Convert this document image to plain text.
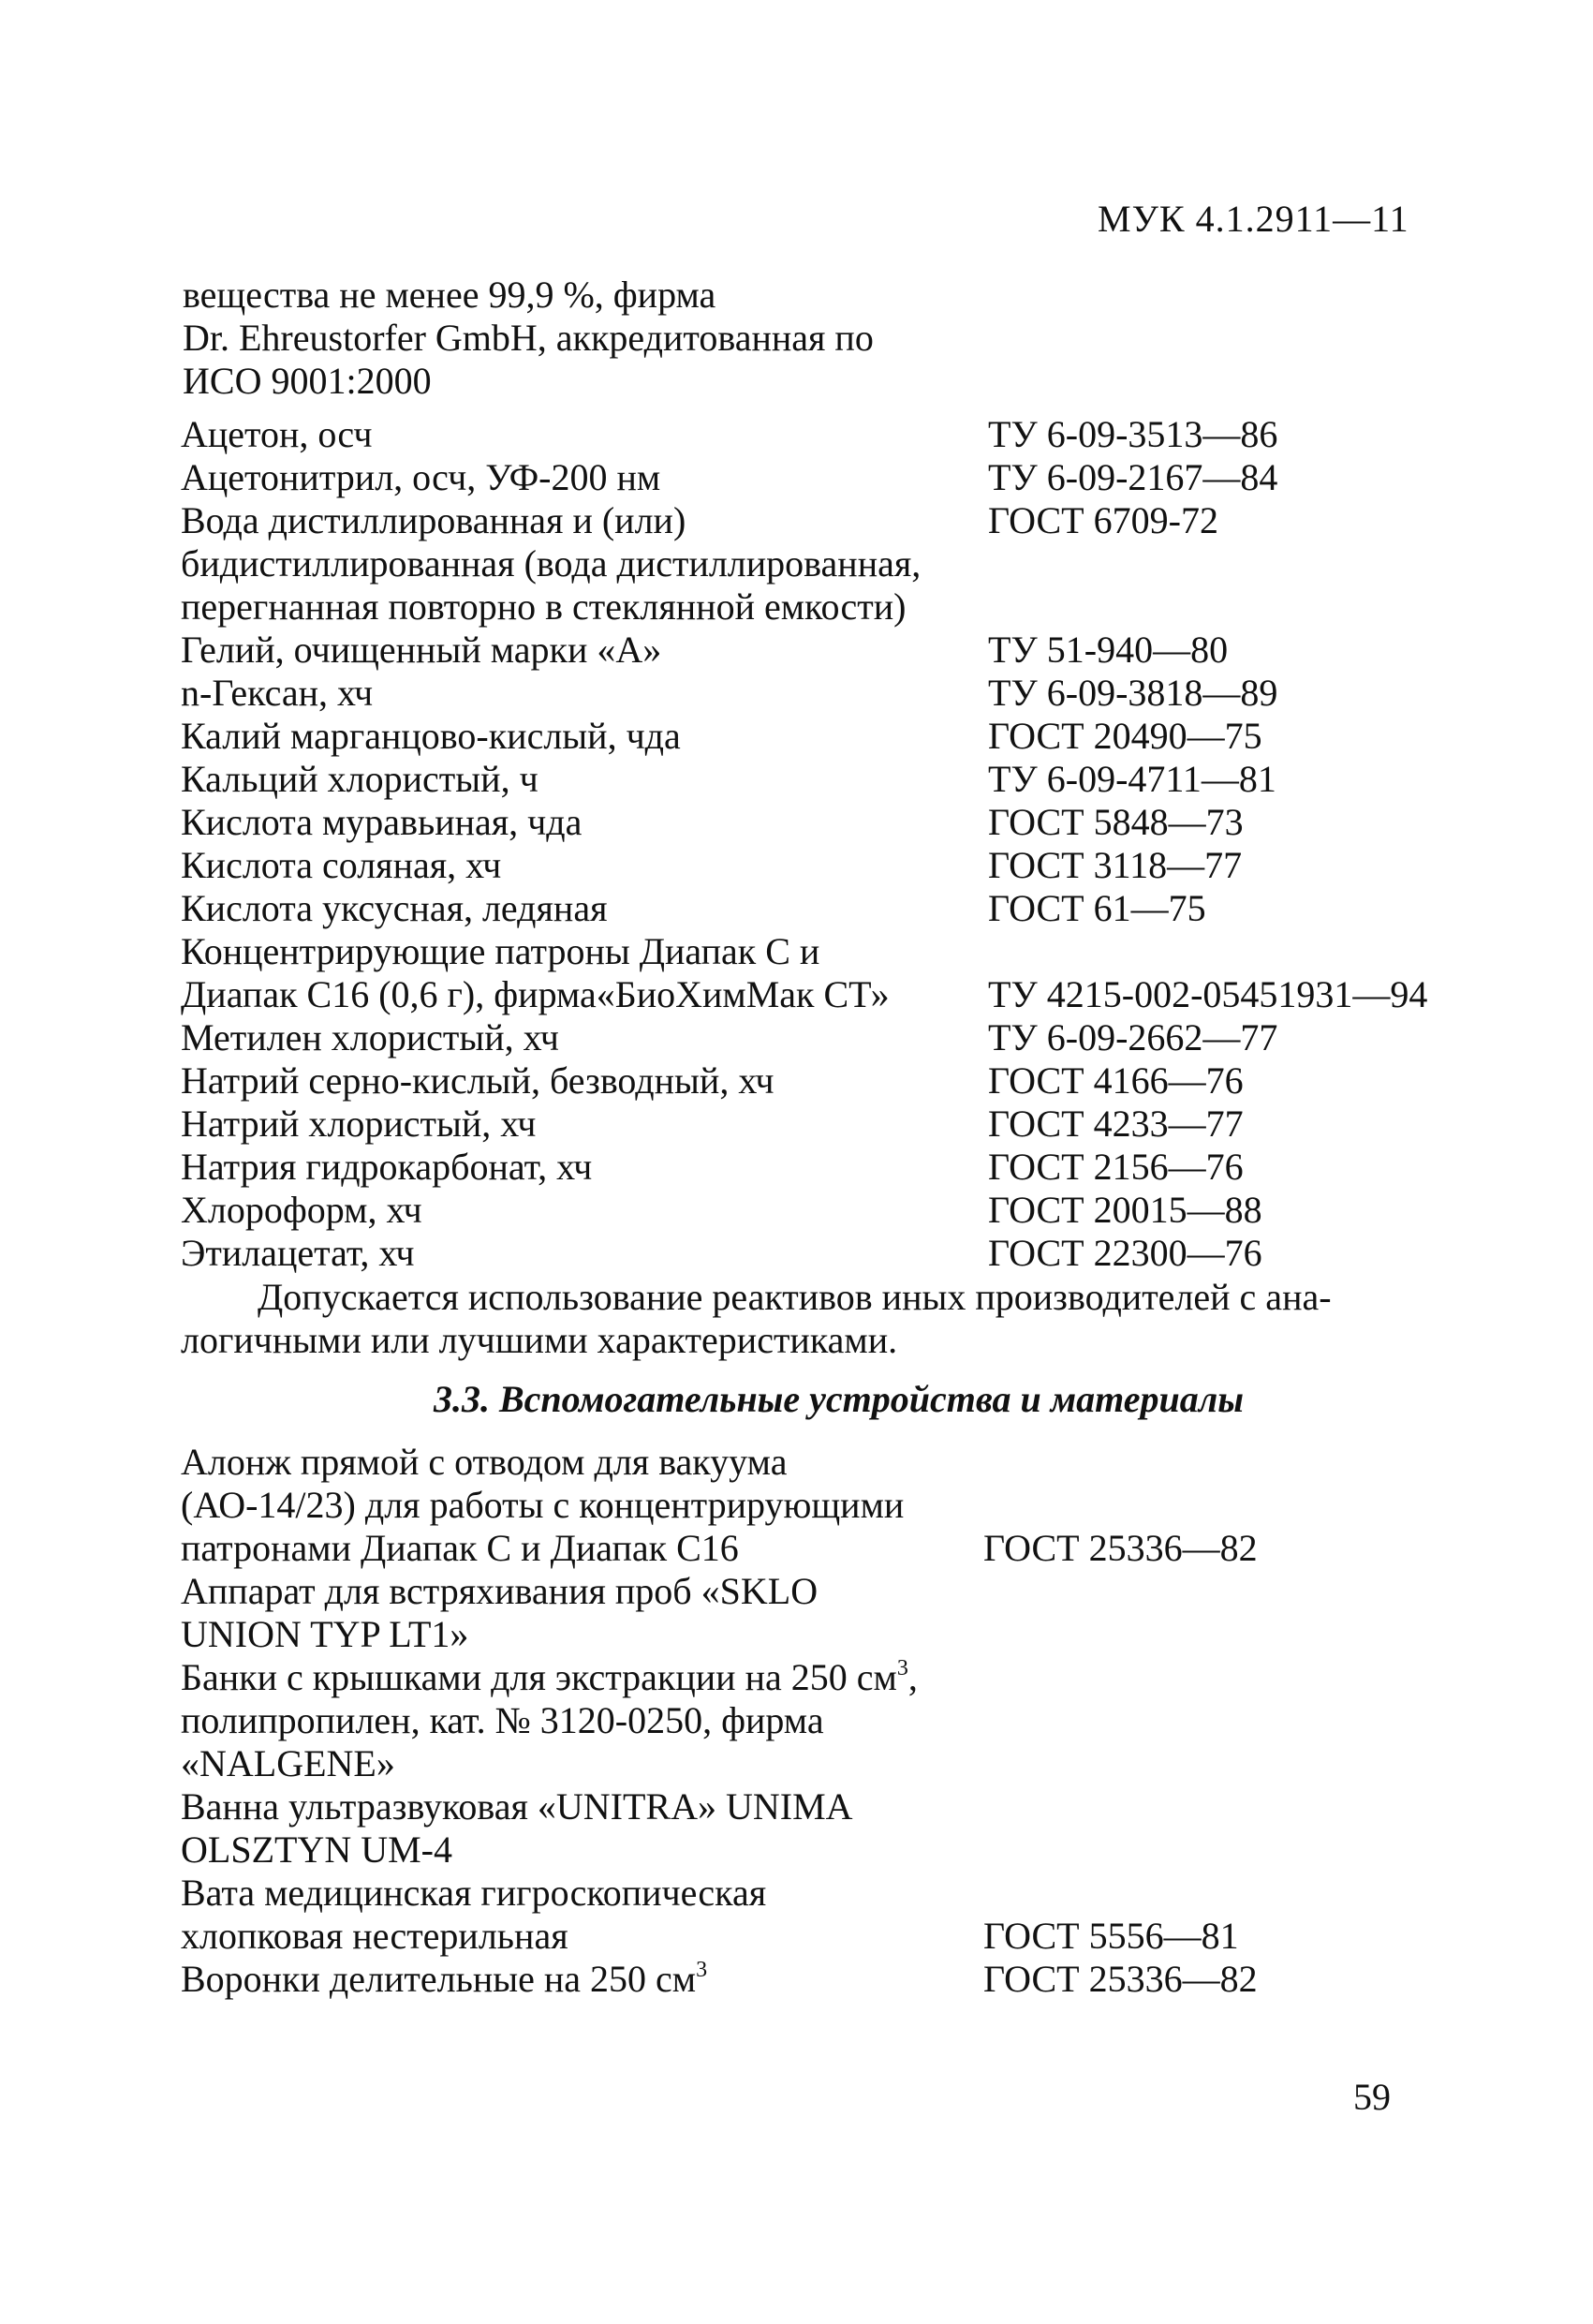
МУК 4.1.2911—11
вещества не менее 99,9 %, фирма
Dr. Ehreustorfer GmbH, аккредитованная по
ИСО 9001:2000
Ацетон, осч	ТУ 6-09-3513—86
Ацетонитрил, осч, УФ-200 нм	ТУ 6-09-2167—84
Вода дистиллированная и (или)	ГОСТ 6709-72
бидистиллированная (вода дистиллированная,
перегнанная повторно в стеклянной емкости)
Гелий, очищенный марки «А»	ТУ 51-940—80
n-Гексан, хч	ТУ 6-09-3818—89
Калий марганцово-кислый, чда	ГОСТ 20490—75
Кальций хлористый, ч	ТУ 6-09-4711—81
Кислота муравьиная, чда	ГОСТ 5848—73
Кислота соляная, хч	ГОСТ 3118—77
Кислота уксусная, ледяная	ГОСТ 61—75
Концентрирующие патроны Диапак С и
Диапак С16 (0,6 г), фирма«БиоХимМак СТ»	ТУ 4215-002-05451931—94
Метилен хлористый, хч	ТУ 6-09-2662—77
Натрий серно-кислый, безводный, хч	ГОСТ 4166—76
Натрий хлористый, хч	ГОСТ 4233—77
Натрия гидрокарбонат, хч	ГОСТ 2156—76
Хлороформ, хч	ГОСТ 20015—88
Этилацетат, хч	ГОСТ 22300—76

Допускается использование реактивов иных производителей с ана-

логичными или лучшими характеристиками.

3.3. Вспомогательные устройства и материалы
Алонж прямой с отводом для вакуума
(АО-14/23) для работы с концентрирующими
патронами Диапак С и Диапак С16	ГОСТ 25336—82
Аппарат для встряхивания проб «SKLO
UNION TYP LT1»
Банки с крышками для экстракции на 250 $см^3$,
полипропилен, кат. № 3120-0250, фирма
«NALGENE»
Ванна ультразвуковая «UNITRA» UNIMA
OLSZTYN UM-4
Вата медицинская гигроскопическая
хлопковая нестерильная	ГОСТ 5556—81
Воронки делительные на 250 $см^3$	ГОСТ 25336—82
59
